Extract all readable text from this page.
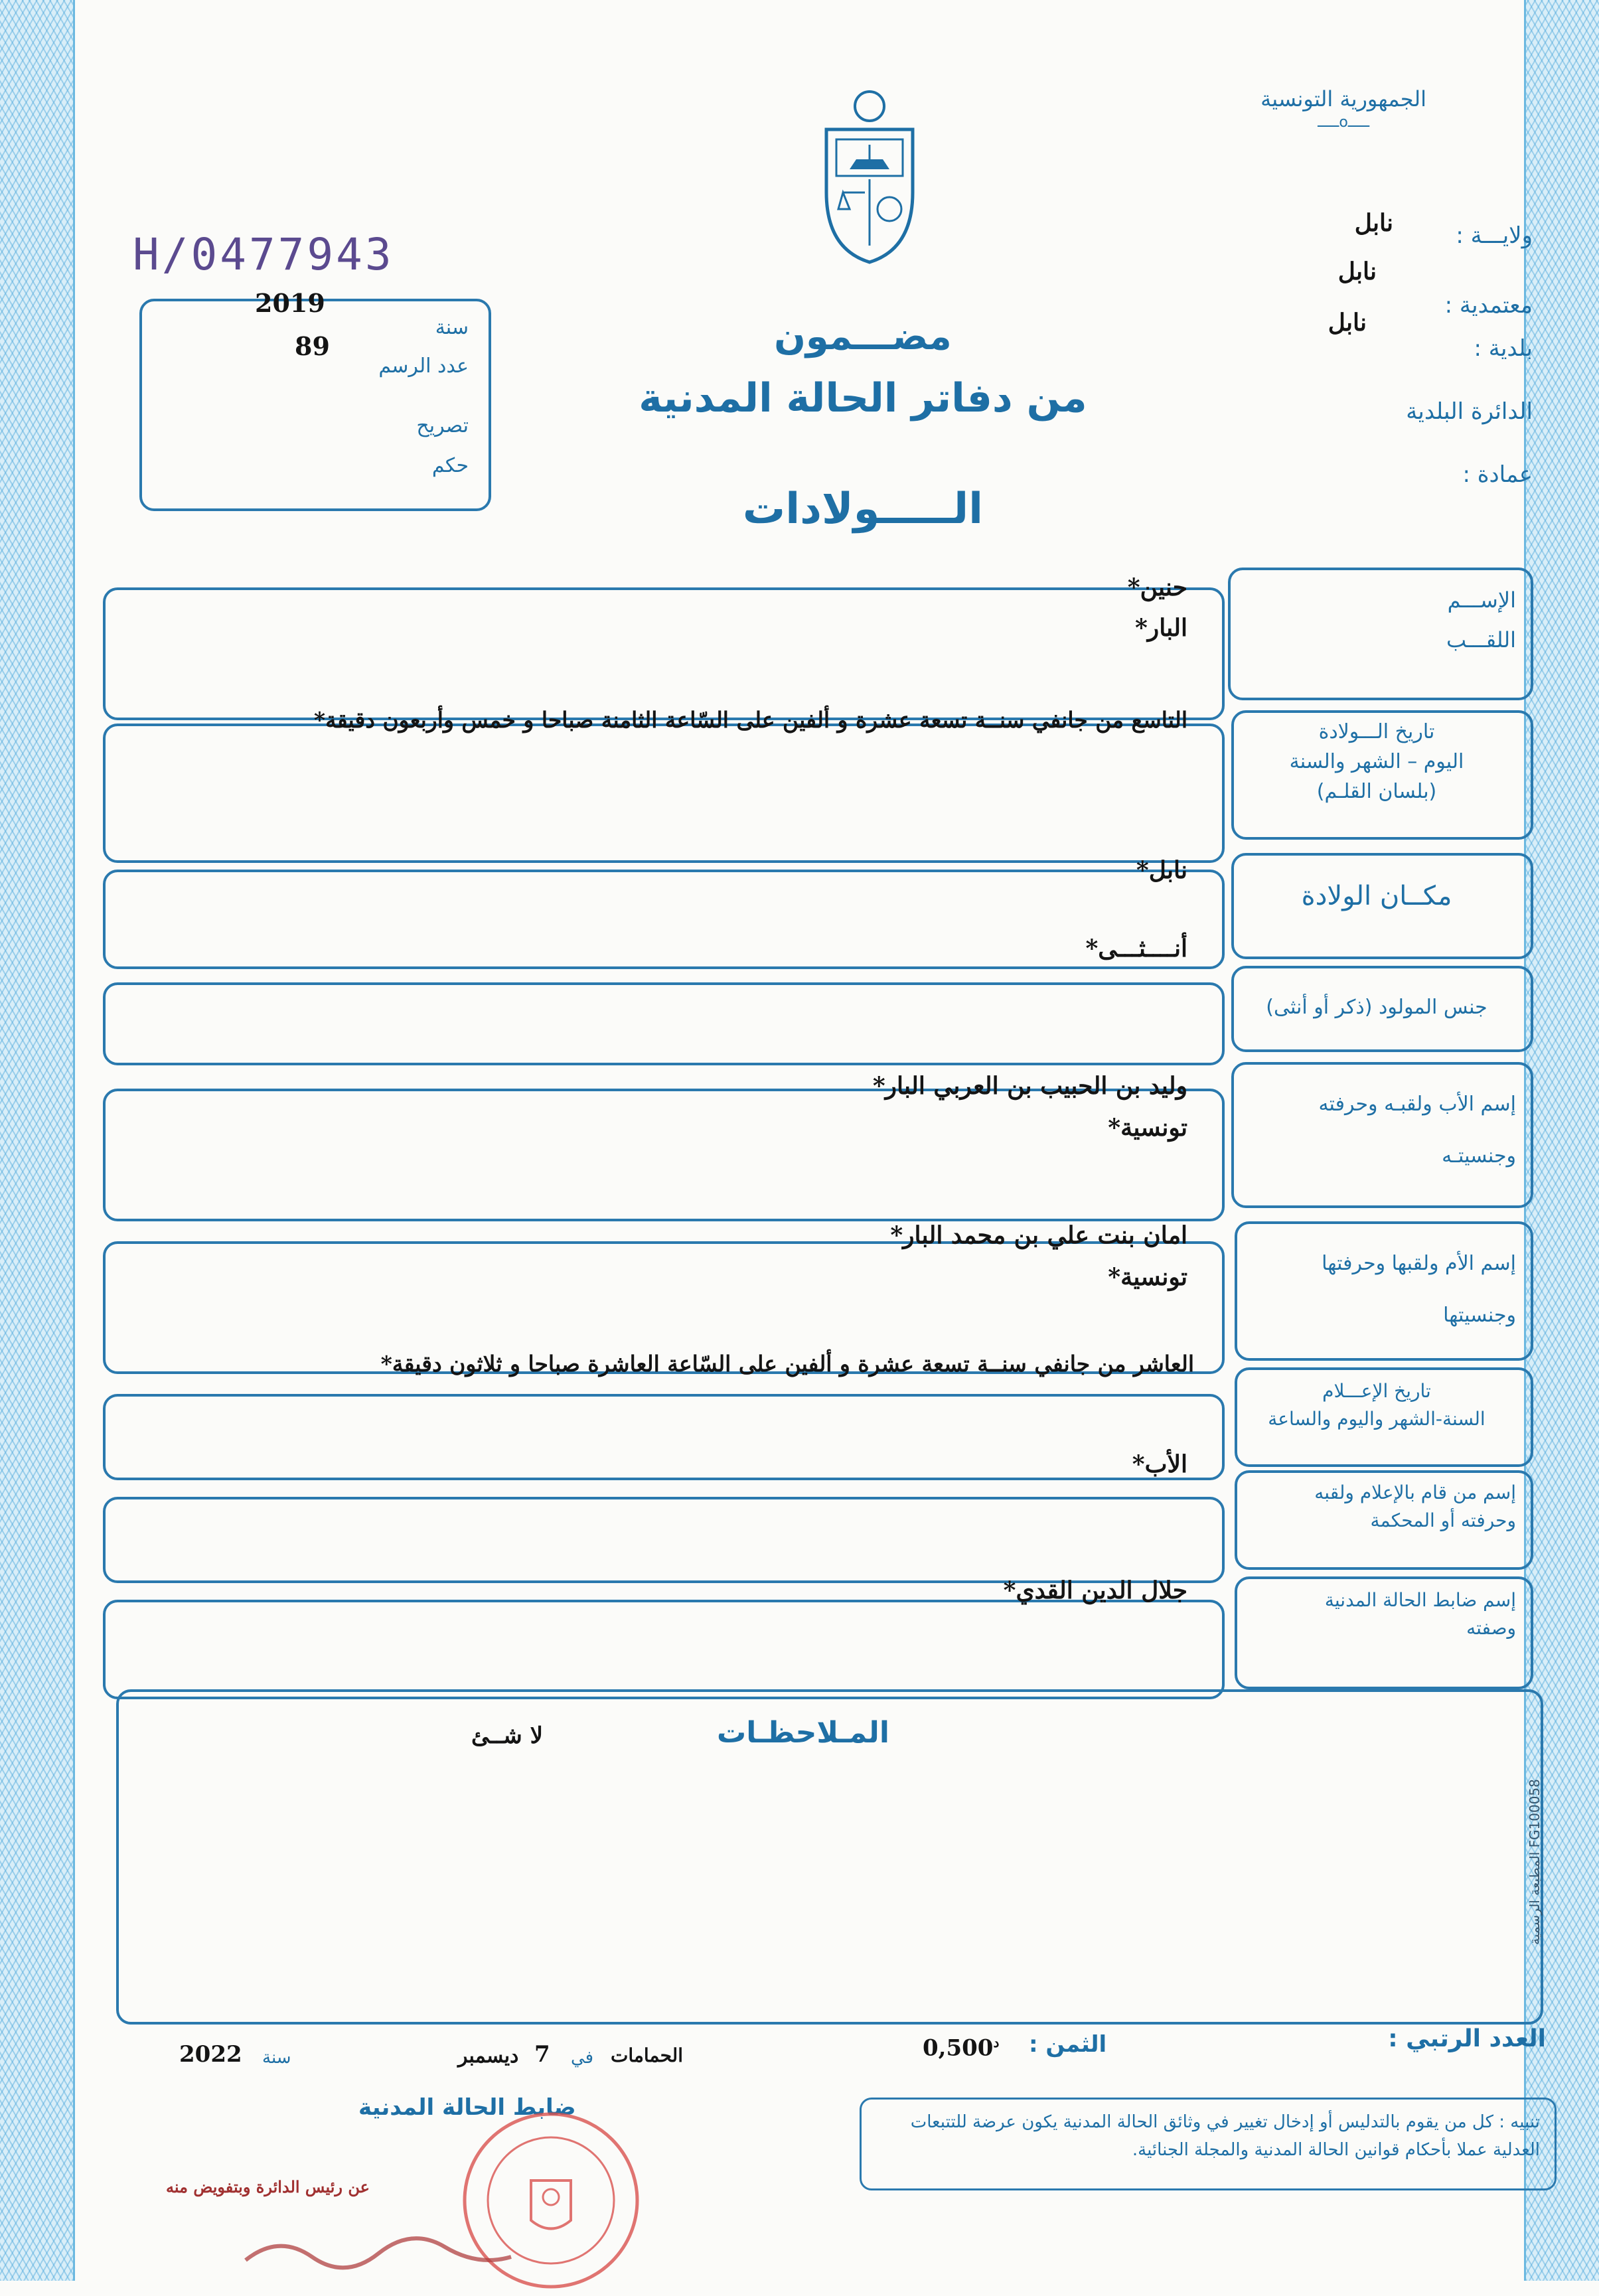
الجمهورية التونسية
ـــــoـــــ
H/0477943
2019
سنة
89
عدد الرسم
تصريح
حكم
مضـــمون
من دفاتر الحالة المدنية
الـــــولادات
ولايـــة :
نابل
معتمدية :
نابل
بلدية :
نابل
الدائرة البلدية
عمادة :
الإســـم
اللقـــب
حنين*
البار*
تاريخ الـــولادة
اليوم – الشهر والسنة
(بلسان القلـم)
التاسع من جانفي سنــة تسعة عشرة و ألفين على السّاعة الثامنة صباحا و خمس وأربعون دقيقة*
مكــان الولادة
نابل*
جنس المولود (ذكر أو أنثى)
أنــــثـــى*
إسم الأب ولقبـه وحرفته
وجنسيتـه
وليد بن الحبيب بن العربي البار*
تونسية*
إسم الأم ولقبها وحرفتها
وجنسيتها
امان بنت علي بن محمد البار*
تونسية*
تاريخ الإعـــلام
السنة-الشهر واليوم والساعة
العاشر من جانفي سنــة تسعة عشرة و ألفين على السّاعة العاشرة صباحا و ثلاثون دقيقة*
إسم من قام بالإعلام ولقبه
وحرفته أو المحكمة
الأب*
إسم ضابط الحالة المدنية
وصفته
جلال الدين القدي*
المـلاحظـات
لا شــئ
المطبعة الرسمية FG100058
العدد الرتبي :
الثمن :
$0,500^د$
الحمامات
في
7
ديسمبر
سنة
2022
ضابط الحالة المدنية
تنبيه : كل من يقوم بالتدليس أو إدخال تغيير في وثائق الحالة المدنية يكون عرضة للتتبعات العدلية عملا بأحكام قوانين الحالة المدنية والمجلة الجنائية.
عن رئيس الدائرة وبتفويض منه
